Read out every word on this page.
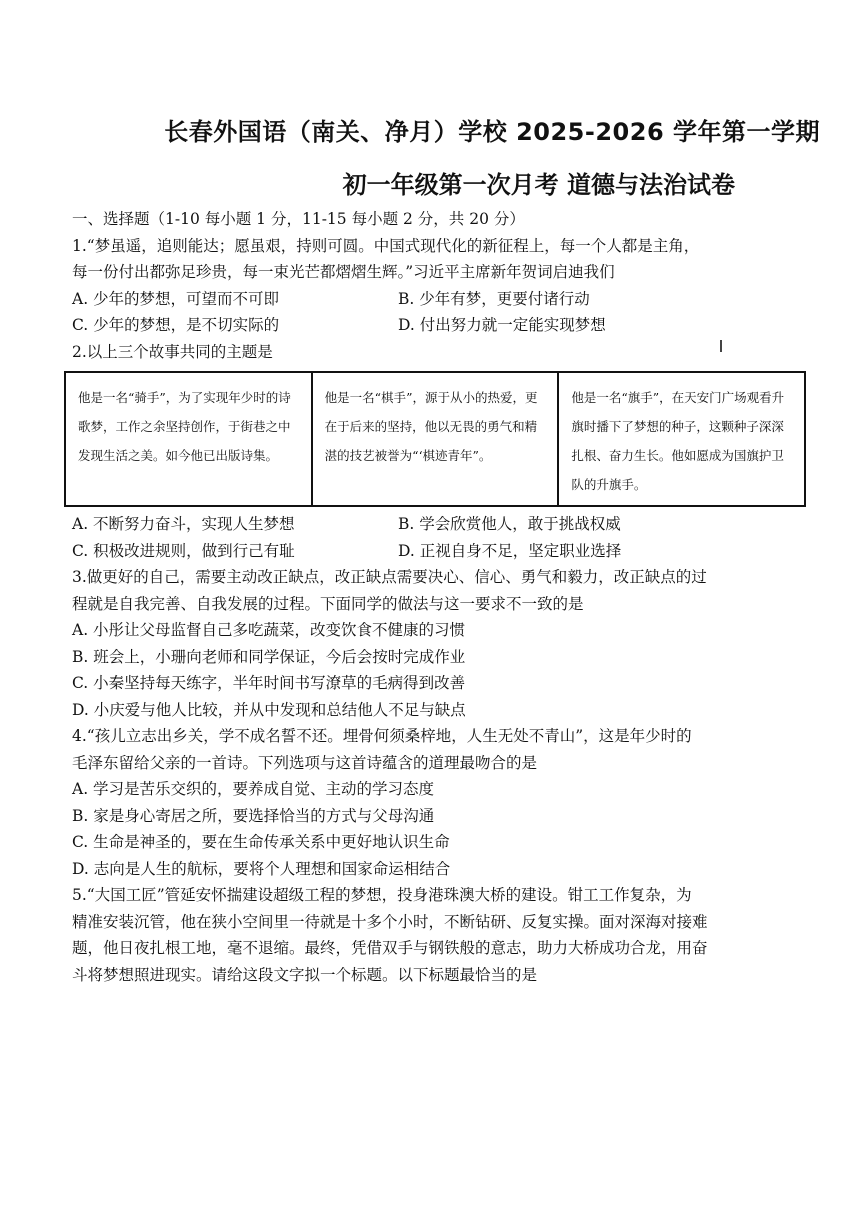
长春外国语（南关、净月）学校 2025-2026 学年第一学期
初一年级第一次月考 道德与法治试卷
一、选择题（1-10 每小题 1 分，11-15 每小题 2 分，共 20 分）
1.“梦虽遥，追则能达；愿虽艰，持则可圆。中国式现代化的新征程上，每一个人都是主角，
每一份付出都弥足珍贵，每一束光芒都熠熠生辉。”习近平主席新年贺词启迪我们
A. 少年的梦想，可望而不可即	B. 少年有梦，更要付诸行动
C. 少年的梦想，是不切实际的	D. 付出努力就一定能实现梦想
2.以上三个故事共同的主题是
他是一名“骑手”，为了实现年少时的诗歌梦，工作之余坚持创作，于街巷之中发现生活之美。如今他已出版诗集。
他是一名“棋手”，源于从小的热爱，更在于后来的坚持，他以无畏的勇气和精湛的技艺被誉为“‘棋迹青年”。
他是一名“旗手”，在天安门广场观看升旗时播下了梦想的种子，这颗种子深深扎根、奋力生长。他如愿成为国旗护卫队的升旗手。
A. 不断努力奋斗，实现人生梦想	B. 学会欣赏他人，敢于挑战权威
C. 积极改进规则，做到行己有耻	D. 正视自身不足，坚定职业选择
3.做更好的自己，需要主动改正缺点，改正缺点需要决心、信心、勇气和毅力，改正缺点的过
程就是自我完善、自我发展的过程。下面同学的做法与这一要求不一致的是
A. 小彤让父母监督自己多吃蔬菜，改变饮食不健康的习惯
B. 班会上，小珊向老师和同学保证，今后会按时完成作业
C. 小秦坚持每天练字，半年时间书写潦草的毛病得到改善
D. 小庆爱与他人比较，并从中发现和总结他人不足与缺点
4.“孩儿立志出乡关，学不成名誓不还。埋骨何须桑梓地，人生无处不青山”，这是年少时的
毛泽东留给父亲的一首诗。下列选项与这首诗蕴含的道理最吻合的是
A. 学习是苦乐交织的，要养成自觉、主动的学习态度
B. 家是身心寄居之所，要选择恰当的方式与父母沟通
C. 生命是神圣的，要在生命传承关系中更好地认识生命
D. 志向是人生的航标，要将个人理想和国家命运相结合
5.“大国工匠”管延安怀揣建设超级工程的梦想，投身港珠澳大桥的建设。钳工工作复杂，为
精准安装沉管，他在狭小空间里一待就是十多个小时，不断钻研、反复实操。面对深海对接难
题，他日夜扎根工地，毫不退缩。最终，凭借双手与钢铁般的意志，助力大桥成功合龙，用奋
斗将梦想照进现实。请给这段文字拟一个标题。以下标题最恰当的是
